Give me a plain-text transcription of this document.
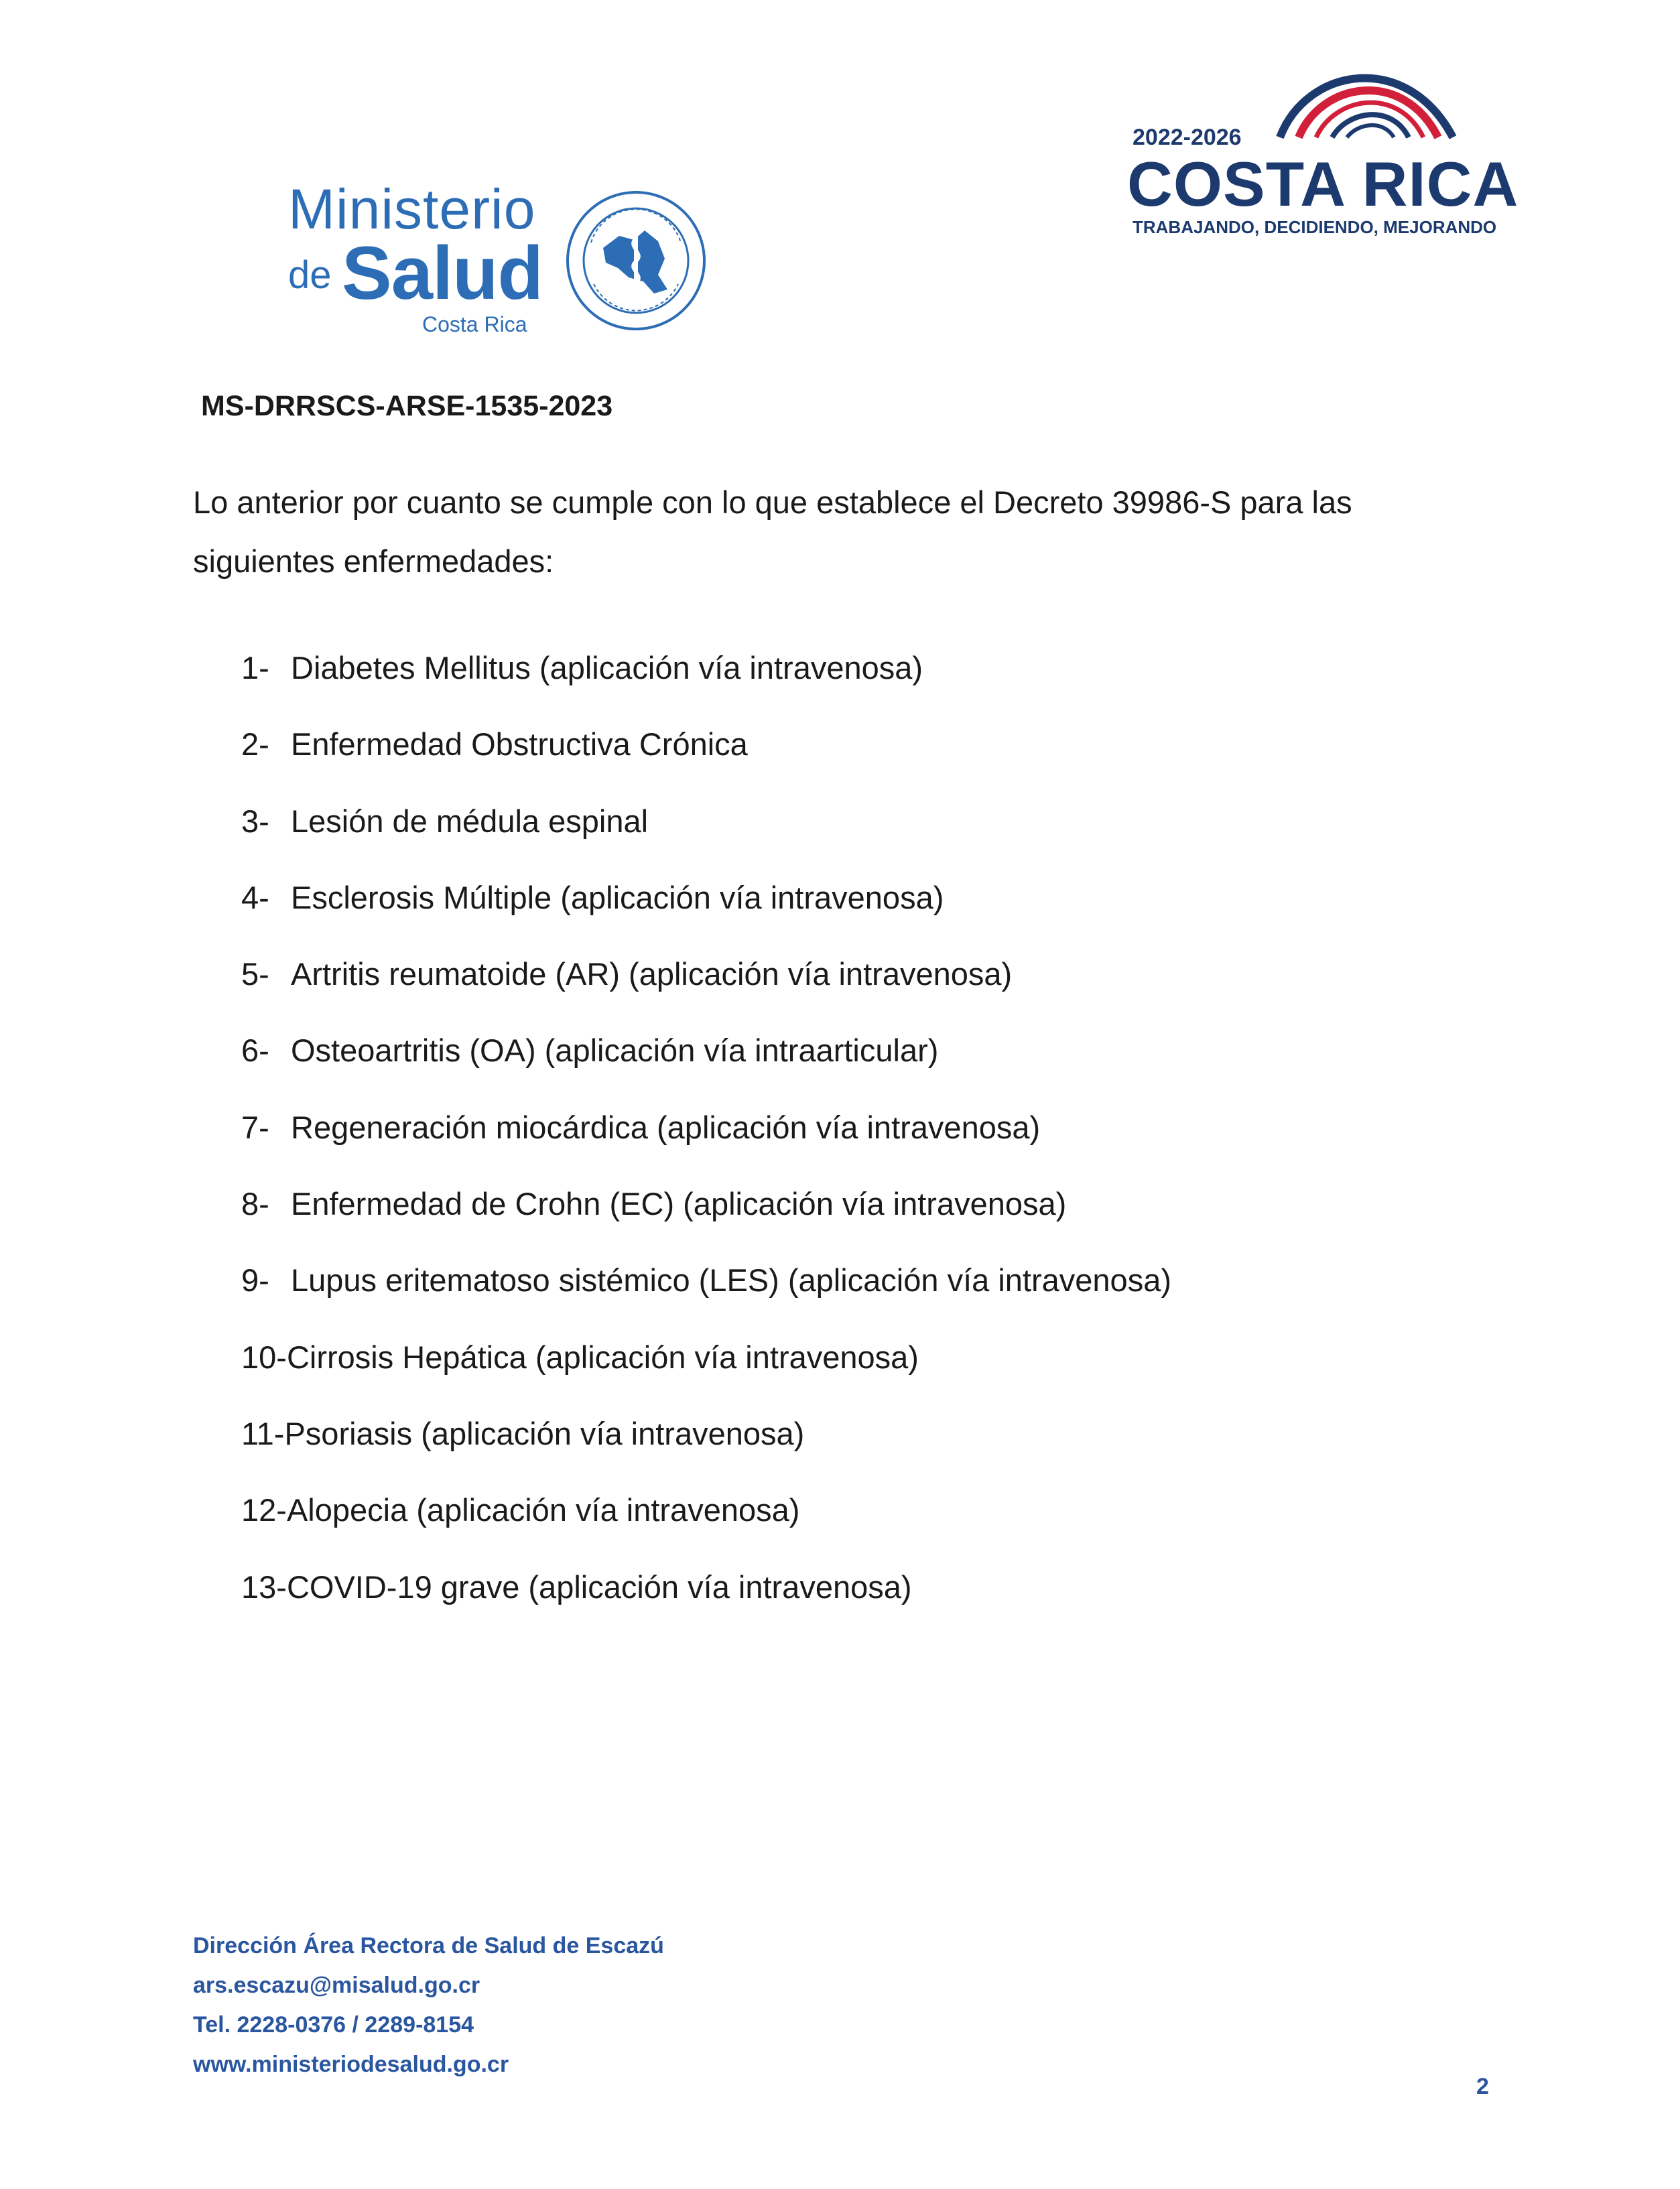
Ministerio
de Salud
Costa Rica
2022-2026
COSTA RICA
TRABAJANDO, DECIDIENDO, MEJORANDO
MS-DRRSCS-ARSE-1535-2023
Lo anterior por cuanto se cumple con lo que establece el Decreto 39986-S para las siguientes enfermedades:
1- Diabetes Mellitus (aplicación vía intravenosa)
2- Enfermedad Obstructiva Crónica
3- Lesión de médula espinal
4- Esclerosis Múltiple (aplicación vía intravenosa)
5- Artritis reumatoide (AR) (aplicación vía intravenosa)
6- Osteoartritis (OA) (aplicación vía intraarticular)
7- Regeneración miocárdica (aplicación vía intravenosa)
8- Enfermedad de Crohn (EC) (aplicación vía intravenosa)
9- Lupus eritematoso sistémico (LES) (aplicación vía intravenosa)
10-Cirrosis Hepática (aplicación vía intravenosa)
11-Psoriasis (aplicación vía intravenosa)
12-Alopecia (aplicación vía intravenosa)
13-COVID-19 grave (aplicación vía intravenosa)
Dirección Área Rectora de Salud de Escazú
ars.escazu@misalud.go.cr
Tel. 2228-0376 / 2289-8154
www.ministeriodesalud.go.cr
2
